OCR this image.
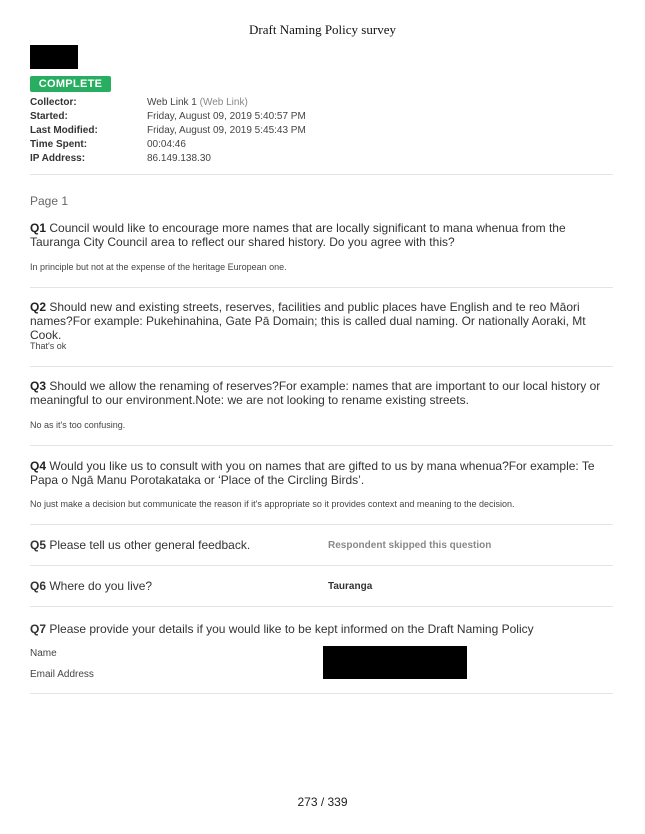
Draft Naming Policy survey
COMPLETE
Collector:	Web Link 1 (Web Link)
Started:	Friday, August 09, 2019 5:40:57 PM
Last Modified:	Friday, August 09, 2019 5:45:43 PM
Time Spent:	00:04:46
IP Address:	86.149.138.30
Page 1
Q1 Council would like to encourage more names that are locally significant to mana whenua from the Tauranga City Council area to reflect our shared history. Do you agree with this?
In principle but not at the expense of the heritage European one.
Q2 Should new and existing streets, reserves, facilities and public places have English and te reo Māori names?For example: Pukehinahina, Gate Pā Domain; this is called dual naming. Or nationally Aoraki, Mt Cook.
That's ok
Q3 Should we allow the renaming of reserves?For example: names that are important to our local history or meaningful to our environment.Note: we are not looking to rename existing streets.
No as it's too confusing.
Q4 Would you like us to consult with you on names that are gifted to us by mana whenua?For example: Te Papa o Ngā Manu Porotakataka or ‘Place of the Circling Birds’.
No just make a decision but communicate the reason if it's appropriate so it provides context and meaning to the decision.
Q5 Please tell us other general feedback.	Respondent skipped this question
Q6 Where do you live?	Tauranga
Q7 Please provide your details if you would like to be kept informed on the Draft Naming Policy
Name
Email Address
273 / 339
